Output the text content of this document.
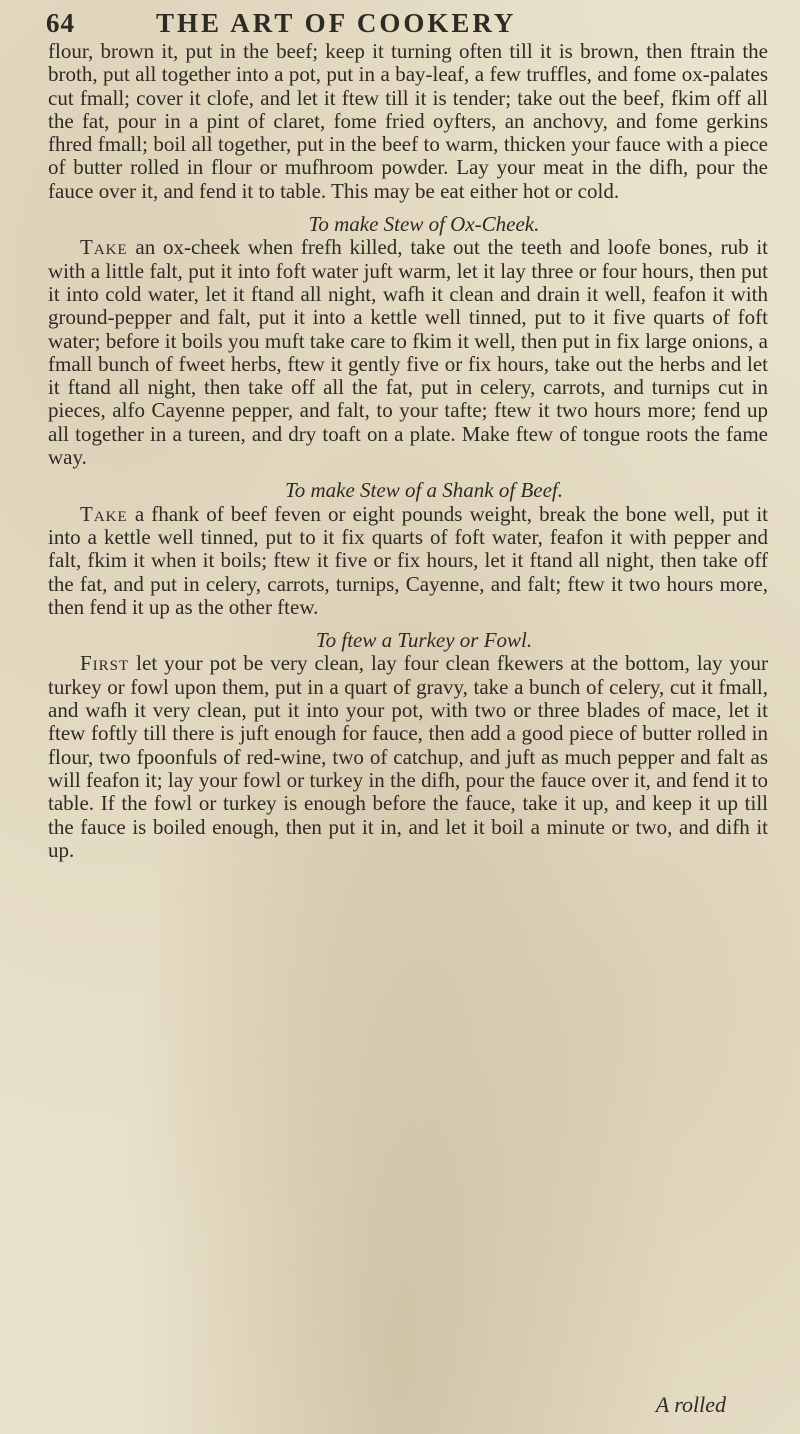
64	THE ART OF COOKERY

flour, brown it, put in the beef; keep it turning often till it is brown, then ftrain the broth, put all together into a pot, put in a bay-leaf, a few truffles, and fome ox-palates cut fmall; cover it clofe, and let it ftew till it is tender; take out the beef, fkim off all the fat, pour in a pint of claret, fome fried oyfters, an anchovy, and fome gerkins fhred fmall; boil all together, put in the beef to warm, thicken your fauce with a piece of butter rolled in flour or mufhroom powder. Lay your meat in the difh, pour the fauce over it, and fend it to table. This may be eat either hot or cold.

To make Stew of Ox-Cheek.

Take an ox-cheek when frefh killed, take out the teeth and loofe bones, rub it with a little falt, put it into foft water juft warm, let it lay three or four hours, then put it into cold water, let it ftand all night, wafh it clean and drain it well, feafon it with ground-pepper and falt, put it into a kettle well tinned, put to it five quarts of foft water; before it boils you muft take care to fkim it well, then put in fix large onions, a fmall bunch of fweet herbs, ftew it gently five or fix hours, take out the herbs and let it ftand all night, then take off all the fat, put in celery, carrots, and turnips cut in pieces, alfo Cayenne pepper, and falt, to your tafte; ftew it two hours more; fend up all together in a tureen, and dry toaft on a plate. Make ftew of tongue roots the fame way.

To make Stew of a Shank of Beef.

Take a fhank of beef feven or eight pounds weight, break the bone well, put it into a kettle well tinned, put to it fix quarts of foft water, feafon it with pepper and falt, fkim it when it boils; ftew it five or fix hours, let it ftand all night, then take off the fat, and put in celery, carrots, turnips, Cayenne, and falt; ftew it two hours more, then fend it up as the other ftew.

To ftew a Turkey or Fowl.

First let your pot be very clean, lay four clean fkewers at the bottom, lay your turkey or fowl upon them, put in a quart of gravy, take a bunch of celery, cut it fmall, and wafh it very clean, put it into your pot, with two or three blades of mace, let it ftew foftly till there is juft enough for fauce, then add a good piece of butter rolled in flour, two fpoonfuls of red-wine, two of catchup, and juft as much pepper and falt as will feafon it; lay your fowl or turkey in the difh, pour the fauce over it, and fend it to table. If the fowl or turkey is enough before the fauce, take it up, and keep it up till the fauce is boiled enough, then put it in, and let it boil a minute or two, and difh it up.

A rolled
